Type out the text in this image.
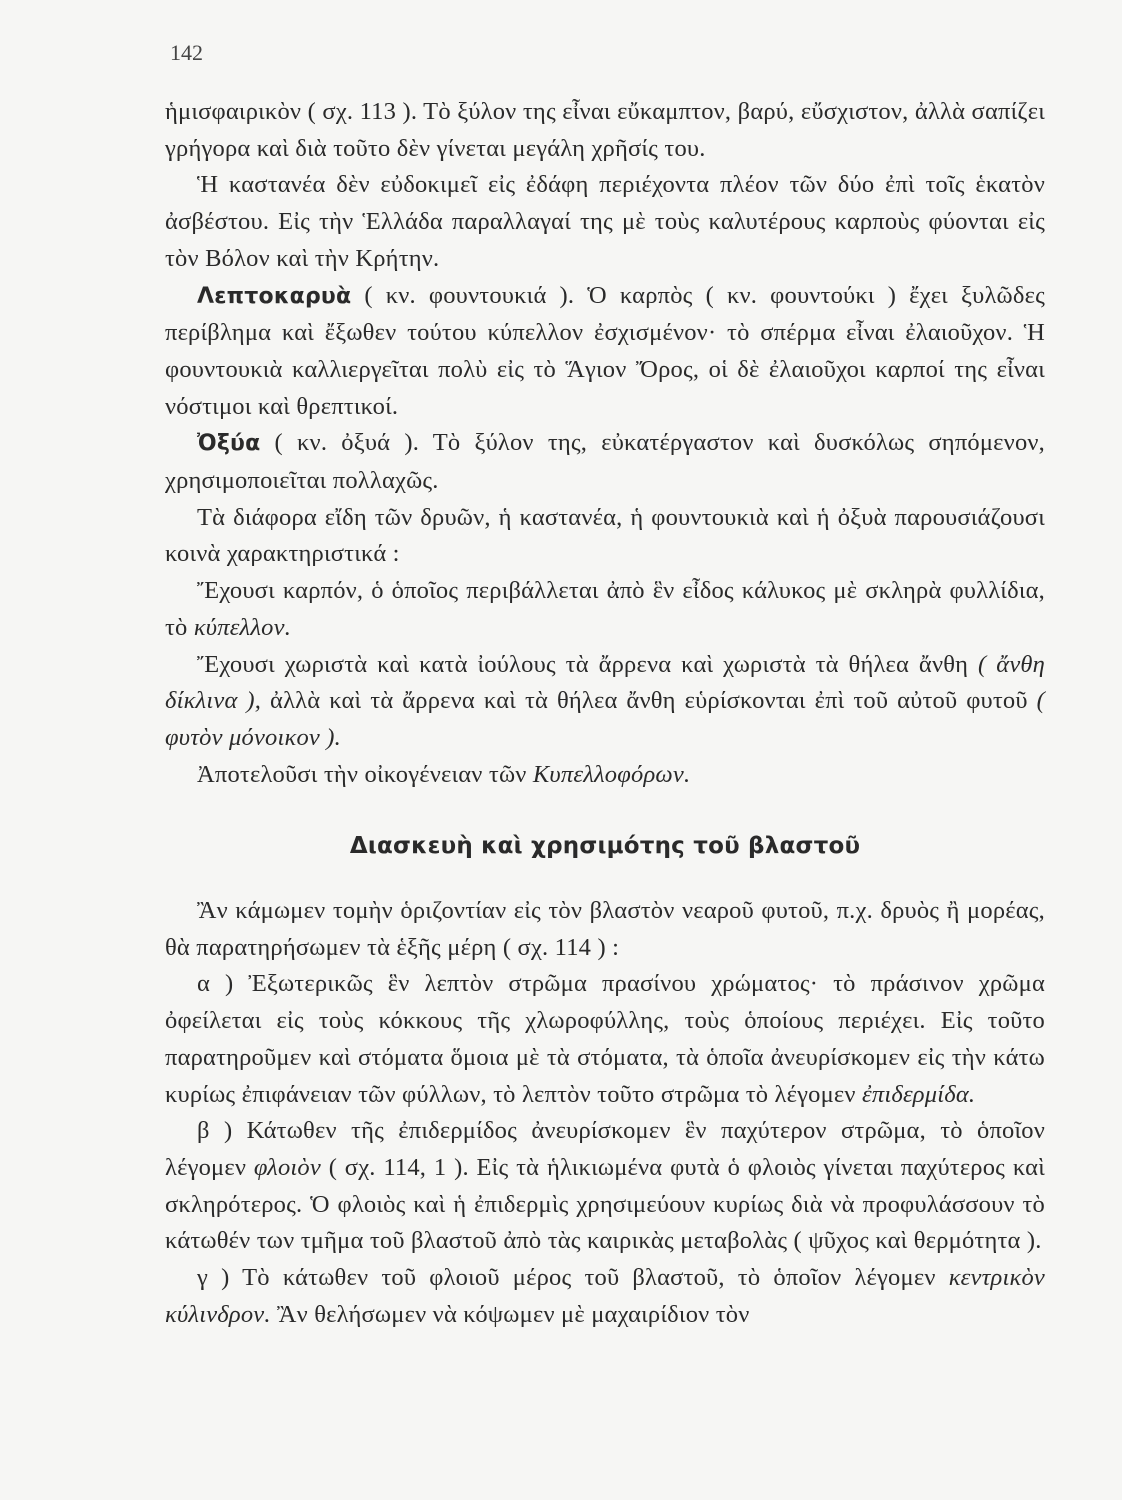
142

ἡμισφαιρικὸν ( σχ. 113 ). Τὸ ξύλον της εἶναι εὔκαμπτον, βαρύ, εὔσχιστον, ἀλλὰ σαπίζει γρήγορα καὶ διὰ τοῦτο δὲν γίνεται μεγάλη χρῆσίς του.

Ἡ καστανέα δὲν εὐδοκιμεῖ εἰς ἐδάφη περιέχοντα πλέον τῶν δύο ἐπὶ τοῖς ἑκατὸν ἀσβέστου. Εἰς τὴν Ἑλλάδα παραλλαγαί της μὲ τοὺς καλυτέρους καρποὺς φύονται εἰς τὸν Βόλον καὶ τὴν Κρήτην.

Λεπτοκαρυὰ ( κν. φουντουκιά ). Ὁ καρπὸς ( κν. φουντούκι ) ἔχει ξυλῶδες περίβλημα καὶ ἔξωθεν τούτου κύπελλον ἐσχισμένον· τὸ σπέρμα εἶναι ἐλαιοῦχον. Ἡ φουντουκιὰ καλλιεργεῖται πολὺ εἰς τὸ Ἅγιον Ὄρος, οἱ δὲ ἐλαιοῦχοι καρποί της εἶναι νόστιμοι καὶ θρεπτικοί.

Ὀξύα ( κν. ὀξυά ). Τὸ ξύλον της, εὐκατέργαστον καὶ δυσκόλως σηπόμενον, χρησιμοποιεῖται πολλαχῶς.

Τὰ διάφορα εἴδη τῶν δρυῶν, ἡ καστανέα, ἡ φουντουκιὰ καὶ ἡ ὀξυὰ παρουσιάζουσι κοινὰ χαρακτηριστικά :

Ἔχουσι καρπόν, ὁ ὁποῖος περιβάλλεται ἀπὸ ἓν εἶδος κάλυκος μὲ σκληρὰ φυλλίδια, τὸ κύπελλον.

Ἔχουσι χωριστὰ καὶ κατὰ ἰούλους τὰ ἄρρενα καὶ χωριστὰ τὰ θήλεα ἄνθη ( ἄνθη δίκλινα ), ἀλλὰ καὶ τὰ ἄρρενα καὶ τὰ θήλεα ἄνθη εὑρίσκονται ἐπὶ τοῦ αὐτοῦ φυτοῦ ( φυτὸν μόνοικον ).

Ἀποτελοῦσι τὴν οἰκογένειαν τῶν Κυπελλοφόρων.

Διασκευὴ καὶ χρησιμότης τοῦ βλαστοῦ

Ἂν κάμωμεν τομὴν ὁριζοντίαν εἰς τὸν βλαστὸν νεαροῦ φυτοῦ, π.χ. δρυὸς ἢ μορέας, θὰ παρατηρήσωμεν τὰ ἑξῆς μέρη ( σχ. 114 ) :

α ) Ἐξωτερικῶς ἓν λεπτὸν στρῶμα πρασίνου χρώματος· τὸ πράσινον χρῶμα ὀφείλεται εἰς τοὺς κόκκους τῆς χλωροφύλλης, τοὺς ὁποίους περιέχει. Εἰς τοῦτο παρατηροῦμεν καὶ στόματα ὅμοια μὲ τὰ στόματα, τὰ ὁποῖα ἀνευρίσκομεν εἰς τὴν κάτω κυρίως ἐπιφάνειαν τῶν φύλλων, τὸ λεπτὸν τοῦτο στρῶμα τὸ λέγομεν ἐπιδερμίδα.

β ) Κάτωθεν τῆς ἐπιδερμίδος ἀνευρίσκομεν ἓν παχύτερον στρῶμα, τὸ ὁποῖον λέγομεν φλοιὸν ( σχ. 114, 1 ). Εἰς τὰ ἡλικιωμένα φυτὰ ὁ φλοιὸς γίνεται παχύτερος καὶ σκληρότερος. Ὁ φλοιὸς καὶ ἡ ἐπιδερμὶς χρησιμεύουν κυρίως διὰ νὰ προφυλάσσουν τὸ κάτωθέν των τμῆμα τοῦ βλαστοῦ ἀπὸ τὰς καιρικὰς μεταβολὰς ( ψῦχος καὶ θερμότητα ).

γ ) Τὸ κάτωθεν τοῦ φλοιοῦ μέρος τοῦ βλαστοῦ, τὸ ὁποῖον λέγομεν κεντρικὸν κύλινδρον. Ἂν θελήσωμεν νὰ κόψωμεν μὲ μαχαιρίδιον τὸν
